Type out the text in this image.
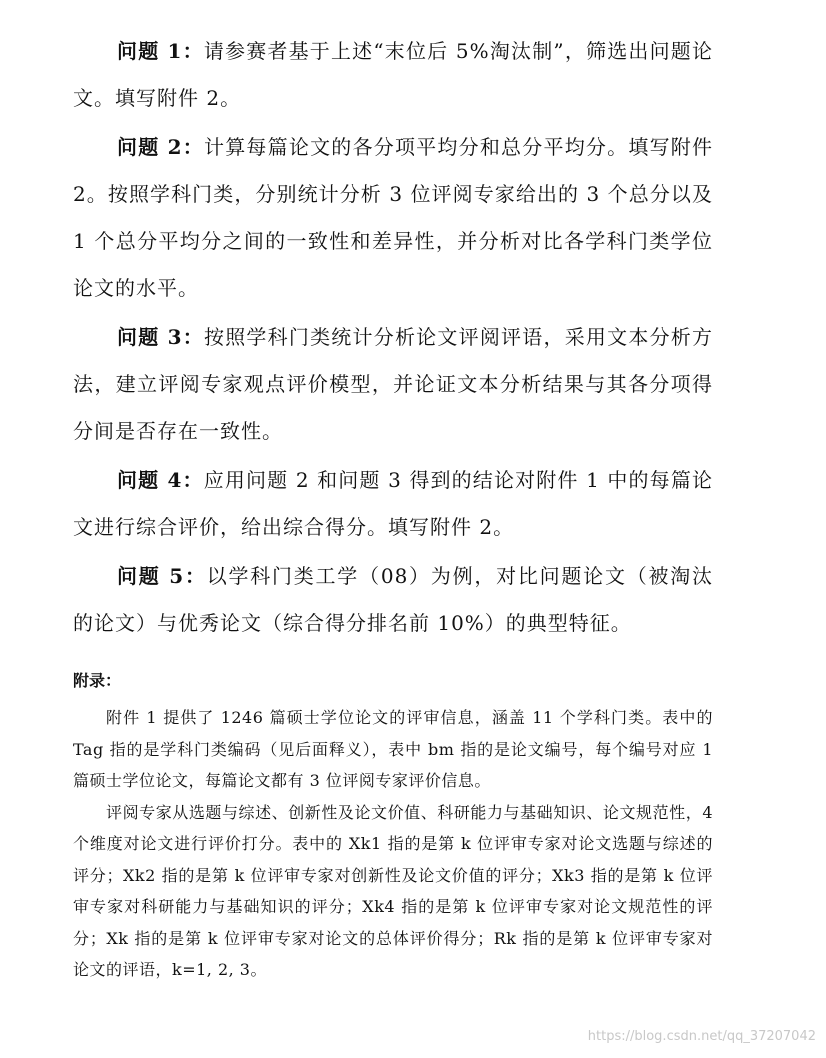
问题 1：请参赛者基于上述“末位后 5%淘汰制”，筛选出问题论文。填写附件 2。

问题 2：计算每篇论文的各分项平均分和总分平均分。填写附件 2。按照学科门类，分别统计分析 3 位评阅专家给出的 3 个总分以及 1 个总分平均分之间的一致性和差异性，并分析对比各学科门类学位论文的水平。

问题 3：按照学科门类统计分析论文评阅评语，采用文本分析方法，建立评阅专家观点评价模型，并论证文本分析结果与其各分项得分间是否存在一致性。

问题 4：应用问题 2 和问题 3 得到的结论对附件 1 中的每篇论文进行综合评价，给出综合得分。填写附件 2。

问题 5：以学科门类工学（08）为例，对比问题论文（被淘汰的论文）与优秀论文（综合得分排名前 10%）的典型特征。

附录：

附件 1 提供了 1246 篇硕士学位论文的评审信息，涵盖 11 个学科门类。表中的 Tag 指的是学科门类编码（见后面释义），表中 bm 指的是论文编号，每个编号对应 1 篇硕士学位论文，每篇论文都有 3 位评阅专家评价信息。

评阅专家从选题与综述、创新性及论文价值、科研能力与基础知识、论文规范性，4 个维度对论文进行评价打分。表中的 Xk1 指的是第 k 位评审专家对论文选题与综述的评分；Xk2 指的是第 k 位评审专家对创新性及论文价值的评分；Xk3 指的是第 k 位评审专家对科研能力与基础知识的评分；Xk4 指的是第 k 位评审专家对论文规范性的评分；Xk 指的是第 k 位评审专家对论文的总体评价得分；Rk 指的是第 k 位评审专家对论文的评语，k=1, 2, 3。

https://blog.csdn.net/qq_37207042
